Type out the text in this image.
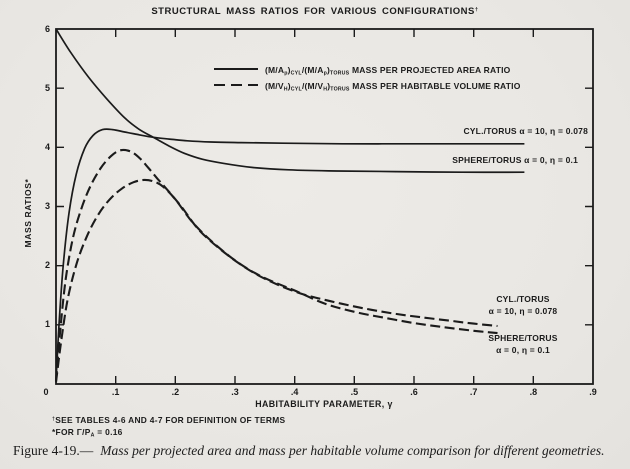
STRUCTURAL MASS RATIOS FOR VARIOUS CONFIGURATIONS†
$(M/A_p)_{CYL}/(M/A_p)_{TORUS}$ MASS PER PROJECTED AREA RATIO
$(M/V_H)_{CYL}/(M/V_H)_{TORUS}$ MASS PER HABITABLE VOLUME RATIO
MASS RATIOS*
HABITABILITY PARAMETER, γ
0	.1	.2	.3	.4	.5	.6	.7	.8	.9
1
2
3
4
5
6
CYL./TORUS α = 10, η = 0.078
SPHERE/TORUS α = 0, η = 0.1
CYL./TORUS
α = 10, η = 0.078
SPHERE/TORUS
α = 0, η = 0.1
†SEE TABLES 4-6 AND 4-7 FOR DEFINITION OF TERMS
*FOR $\Gamma/P_A = 0.16$
Figure 4-19.— Mass per projected area and mass per habitable volume comparison for different geometries.
